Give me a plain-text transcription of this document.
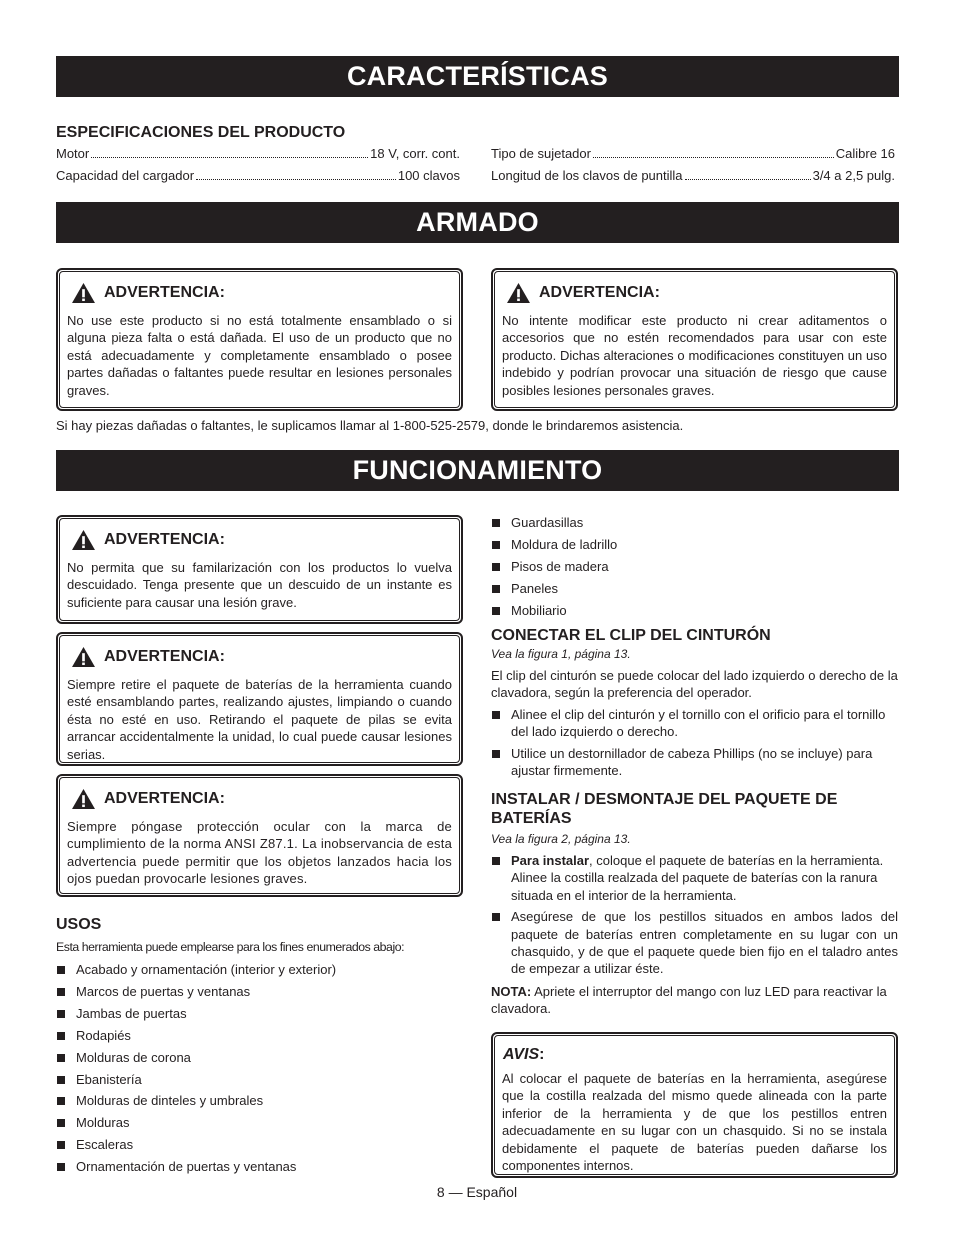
CARACTERÍSTICAS
ESPECIFICACIONES DEL PRODUCTO
Motor	18 V, corr. cont.
Capacidad del cargador	100 clavos
Tipo de sujetador	Calibre 16
Longitud de los clavos de puntilla	3/4 a 2,5 pulg.
ARMADO
ADVERTENCIA:
No use este producto si no está totalmente ensamblado o si alguna pieza falta o está dañada. El uso de un producto que no está adecuadamente y completamente ensamblado o posee partes dañadas o faltantes puede resultar en lesiones personales graves.
ADVERTENCIA:
No intente modificar este producto ni crear aditamentos o accesorios que no estén recomendados para usar con este producto. Dichas alteraciones o modificaciones constituyen un uso indebido y podrían provocar una situación de riesgo que cause posibles lesiones personales graves.
Si hay piezas dañadas o faltantes, le suplicamos llamar al 1-800-525-2579, donde le brindaremos asistencia.
FUNCIONAMIENTO
ADVERTENCIA:
No permita que su familarización con los productos lo vuelva descuidado. Tenga presente que un descuido de un instante es suficiente para causar una lesión grave.
ADVERTENCIA:
Siempre retire el paquete de baterías de la herramienta cuando esté ensamblando partes, realizando ajustes, limpiando o cuando ésta no esté en uso. Retirando el paquete de pilas se evita arrancar accidentalmente la unidad, lo cual puede causar lesiones serias.
ADVERTENCIA:
Siempre póngase protección ocular con la marca de cumplimiento de la norma ANSI Z87.1. La inobservancia de esta advertencia puede permitir que los objetos lanzados hacia los ojos puedan provocarle lesiones graves.
USOS
Esta herramienta puede emplearse para los fines enumerados abajo:
Acabado y ornamentación (interior y exterior)
Marcos de puertas y ventanas
Jambas de puertas
Rodapiés
Molduras de corona
Ebanistería
Molduras de dinteles y umbrales
Molduras
Escaleras
Ornamentación de puertas y ventanas
Guardasillas
Moldura de ladrillo
Pisos de madera
Paneles
Mobiliario
CONECTAR EL CLIP DEL CINTURÓN
Vea la figura 1, página 13.
El clip del cinturón se puede colocar del lado izquierdo o derecho de la clavadora, según la preferencia del operador.
Alinee el clip del cinturón y el tornillo con el orificio para el tornillo del lado izquierdo o derecho.
Utilice un destornillador de cabeza Phillips (no se incluye) para ajustar firmemente.
INSTALAR / DESMONTAJE DEL PAQUETE DE BATERÍAS
Vea la figura 2, página 13.
Para instalar, coloque el paquete de baterías en la herramienta. Alinee la costilla realzada del paquete de baterías con la ranura situada en el interior de la herramienta.
Asegúrese de que los pestillos situados en ambos lados del paquete de baterías entren completamente en su lugar con un chasquido, y de que el paquete quede bien fijo en el taladro antes de empezar a utilizar éste.
NOTA: Apriete el interruptor del mango con luz LED para reactivar la clavadora.
AVIS:
Al colocar el paquete de baterías en la herramienta, asegúrese que la costilla realzada del mismo quede alineada con la parte inferior de la herramienta y de que los pestillos entren adecuadamente en su lugar con un chasquido. Si no se instala debidamente el paquete de baterías pueden dañarse los componentes internos.
8 — Español
